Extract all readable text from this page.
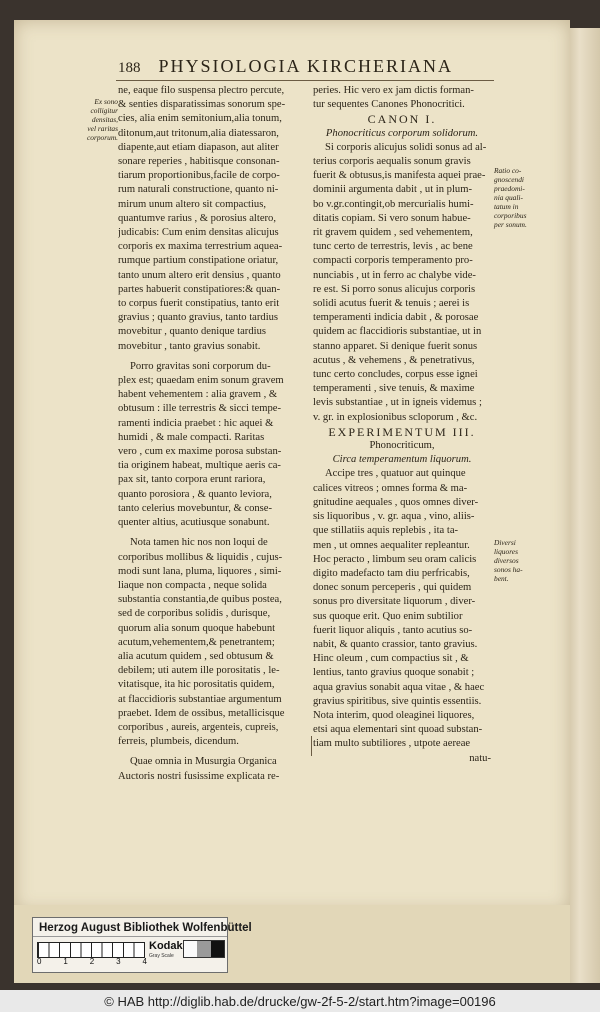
188 PHYSIOLOGIA KIRCHERIANA
Ex sono
colligitur
densitas,
vel raritas
corporum.
Ratio co-
gnoscendi
praedomi-
nia quali-
tatum in
corporibus
per sonum.
Diversi
liquores
diversos
sonos ha-
bent.
ne, eaque filo suspensa plectro percute,
& senties disparatissimas sonorum spe-
cies, alia enim semitonium,alia tonum,
ditonum,aut tritonum,alia diatessaron,
diapente,aut etiam diapason, aut aliter
sonare reperies , habitisque consonan-
tiarum proportionibus,facile de corpo-
rum naturali constructione, quanto ni-
mirum unum altero sit compactius,
quantumve rarius , & porosius altero,
judicabis: Cum enim densitas alicujus
corporis ex maxima terrestrium aquea-
rumque partium constipatione oriatur,
tanto unum altero erit densius , quanto
partes habuerit constipatiores:& quan-
to corpus fuerit constipatius, tanto erit
gravius ; quanto gravius, tanto tardius
movebitur , quanto denique tardius
movebitur , tanto gravius sonabit.
Porro gravitas soni corporum du-
plex est; quaedam enim sonum gravem
habent vehementem : alia gravem , &
obtusum : ille terrestris & sicci tempe-
ramenti indicia praebet : hic aquei &
humidi , & male compacti. Raritas
vero , cum ex maxime porosa substan-
tia originem habeat, multique aeris ca-
pax sit, tanto corpora erunt rariora,
quanto porosiora , & quanto leviora,
tanto celerius movebuntur, & conse-
quenter altius, acutiusque sonabunt.
Nota tamen hic nos non loqui de
corporibus mollibus & liquidis , cujus-
modi sunt lana, pluma, liquores , simi-
liaque non compacta , neque solida
substantia constantia,de quibus postea,
sed de corporibus solidis , durisque,
quorum alia sonum quoque habebunt
acutum,vehementem,& penetrantem;
alia acutum quidem , sed obtusum &
debilem; uti autem ille porositatis , le-
vitatisque, ita hic porositatis quidem,
at flaccidioris substantiae argumentum
praebet. Idem de ossibus, metallicisque
corporibus , aureis, argenteis, cupreis,
ferreis, plumbeis, dicendum.
Quae omnia in Musurgia Organica
Auctoris nostri fusissime explicata re-
peries. Hic vero ex jam dictis forman-
tur sequentes Canones Phonocritici.
CANON I.
Phonocriticus corporum solidorum.
Si corporis alicujus solidi sonus ad al-
terius corporis aequalis sonum gravis
fuerit & obtusus,is manifesta aquei prae-
dominii argumenta dabit , ut in plum-
bo v.gr.contingit,ob mercurialis humi-
ditatis copiam. Si vero sonum habue-
rit gravem quidem , sed vehementem,
tunc certo de terrestris, levis , ac bene
compacti corporis temperamento pro-
nunciabis , ut in ferro ac chalybe vide-
re est. Si porro sonus alicujus corporis
solidi acutus fuerit & tenuis ; aerei is
temperamenti indicia dabit , & porosae
quidem ac flaccidioris substantiae, ut in
stanno apparet. Si denique fuerit sonus
acutus , & vehemens , & penetrativus,
tunc certo concludes, corpus esse ignei
temperamenti , sive tenuis, & maxime
levis substantiae , ut in igneis videmus ;
v. gr. in explosionibus scloporum , &c.
EXPERIMENTUM III.
Phonocriticum,
Circa temperamentum liquorum.
Accipe tres , quatuor aut quinque
calices vitreos ; omnes forma & ma-
gnitudine aequales , quos omnes diver-
sis liquoribus , v. gr. aqua , vino, aliis-
que stillatiis aquis replebis , ita ta-
men , ut omnes aequaliter repleantur.
Hoc peracto , limbum seu oram calicis
digito madefacto tam diu perfricabis,
donec sonum perceperis , qui quidem
sonus pro diversitate liquorum , diver-
sus quoque erit. Quo enim subtilior
fuerit liquor aliquis , tanto acutius so-
nabit, & quanto crassior, tanto gravius.
Hinc oleum , cum compactius sit , &
lentius, tanto gravius quoque sonabit ;
aqua gravius sonabit aqua vitae , & haec
gravius spiritibus, sive quintis essentiis.
Nota interim, quod oleaginei liquores,
etsi aqua elementari sint quoad substan-
tiam multo subtiliores , utpote aereae
natu-
Herzog August Bibliothek Wolfenbüttel
0	1	2	3	4
Kodak
Gray Scale
© HAB http://diglib.hab.de/drucke/gw-2f-5-2/start.htm?image=00196
